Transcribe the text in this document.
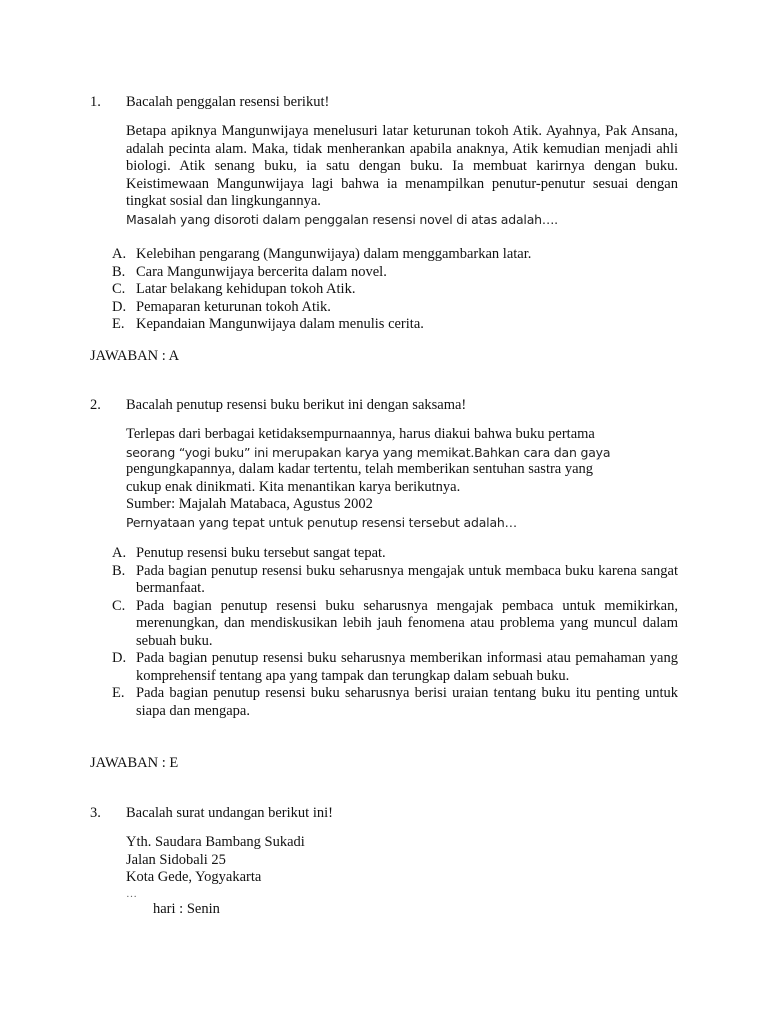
1.	Bacalah penggalan resensi berikut!

Betapa apiknya Mangunwijaya menelusuri latar keturunan tokoh Atik. Ayahnya, Pak Ansana, adalah pecinta alam. Maka, tidak menherankan apabila anaknya, Atik kemudian menjadi ahli biologi. Atik senang buku, ia satu dengan buku. Ia membuat karirnya dengan buku. Keistimewaan Mangunwijaya lagi bahwa ia menampilkan penutur-penutur sesuai dengan tingkat sosial dan lingkungannya.

Masalah yang disoroti dalam penggalan resensi novel di atas adalah….

A. Kelebihan pengarang (Mangunwijaya) dalam menggambarkan latar.
B. Cara Mangunwijaya bercerita dalam novel.
C. Latar belakang kehidupan tokoh Atik.
D. Pemaparan keturunan tokoh Atik.
E. Kepandaian Mangunwijaya dalam menulis cerita.
JAWABAN : A
2.	Bacalah penutup resensi buku berikut ini dengan saksama!

Terlepas dari berbagai ketidaksempurnaannya, harus diakui bahwa buku pertama

seorang “yogi buku” ini merupakan karya yang memikat.Bahkan cara dan gaya

pengungkapannya, dalam kadar tertentu, telah memberikan sentuhan sastra yang

cukup enak dinikmati. Kita menantikan karya berikutnya.

Sumber: Majalah Matabaca, Agustus 2002

Pernyataan yang tepat untuk penutup resensi tersebut adalah…

A. Penutup resensi buku tersebut sangat tepat.
B. Pada bagian penutup resensi buku seharusnya mengajak untuk membaca buku karena sangat bermanfaat.
C. Pada bagian penutup resensi buku seharusnya mengajak pembaca untuk memikirkan, merenungkan, dan mendiskusikan lebih jauh fenomena atau problema yang muncul dalam sebuah buku.
D. Pada bagian penutup resensi buku seharusnya memberikan informasi atau pemahaman yang komprehensif tentang apa yang tampak dan terungkap dalam sebuah buku.
E. Pada bagian penutup resensi buku seharusnya berisi uraian tentang buku itu penting untuk siapa dan mengapa.
JAWABAN : E
3.	Bacalah surat undangan berikut ini!

Yth. Saudara Bambang Sukadi

Jalan Sidobali 25

Kota Gede, Yogyakarta

…

hari : Senin
